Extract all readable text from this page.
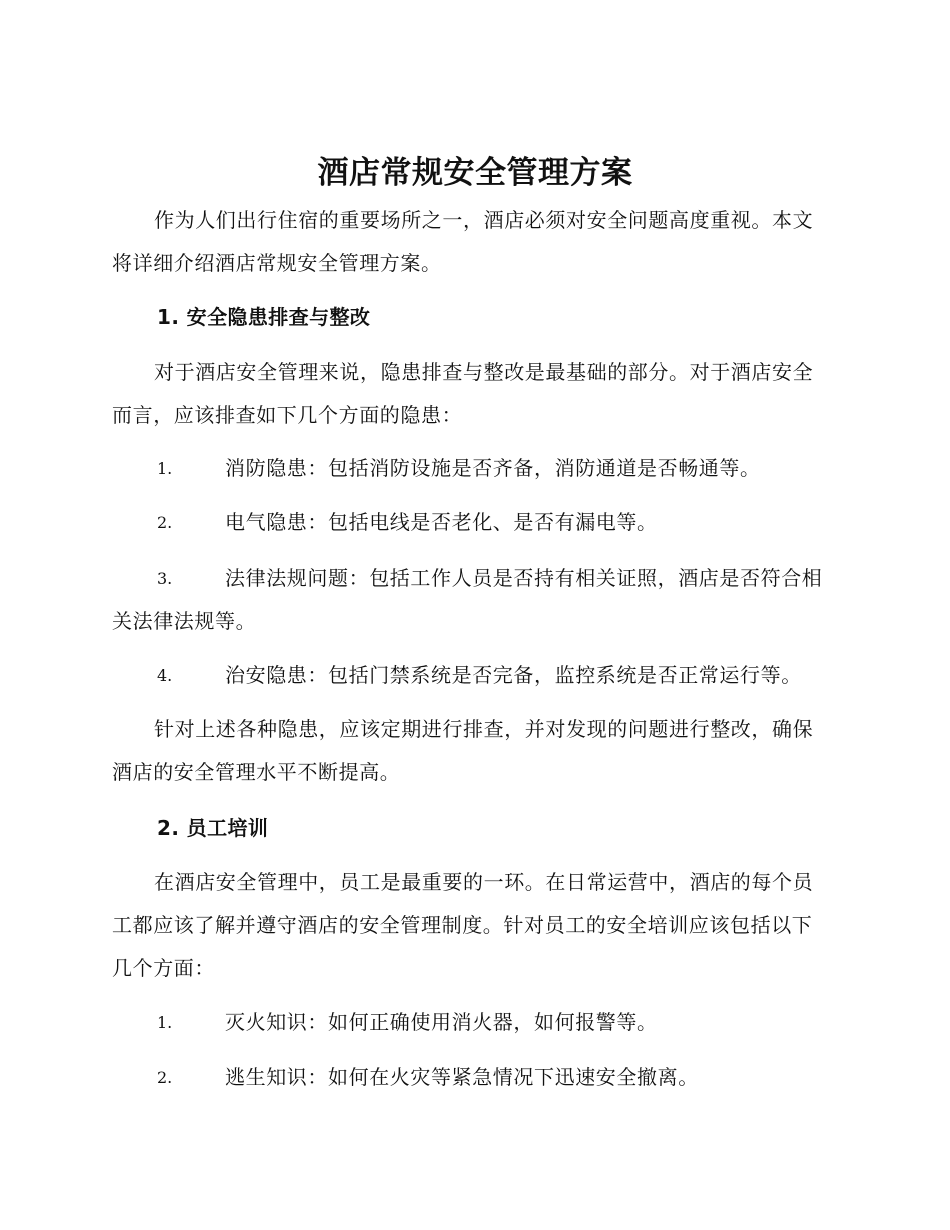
酒店常规安全管理方案

作为人们出行住宿的重要场所之一，酒店必须对安全问题高度重视。本文将详细介绍酒店常规安全管理方案。

1. 安全隐患排查与整改

对于酒店安全管理来说，隐患排查与整改是最基础的部分。对于酒店安全而言，应该排查如下几个方面的隐患：

1.	消防隐患：包括消防设施是否齐备，消防通道是否畅通等。
2.	电气隐患：包括电线是否老化、是否有漏电等。
3.	法律法规问题：包括工作人员是否持有相关证照，酒店是否符合相关法律法规等。
4.	治安隐患：包括门禁系统是否完备，监控系统是否正常运行等。

针对上述各种隐患，应该定期进行排查，并对发现的问题进行整改，确保酒店的安全管理水平不断提高。

2. 员工培训

在酒店安全管理中，员工是最重要的一环。在日常运营中，酒店的每个员工都应该了解并遵守酒店的安全管理制度。针对员工的安全培训应该包括以下几个方面：

1.	灭火知识：如何正确使用消火器，如何报警等。
2.	逃生知识：如何在火灾等紧急情况下迅速安全撤离。
